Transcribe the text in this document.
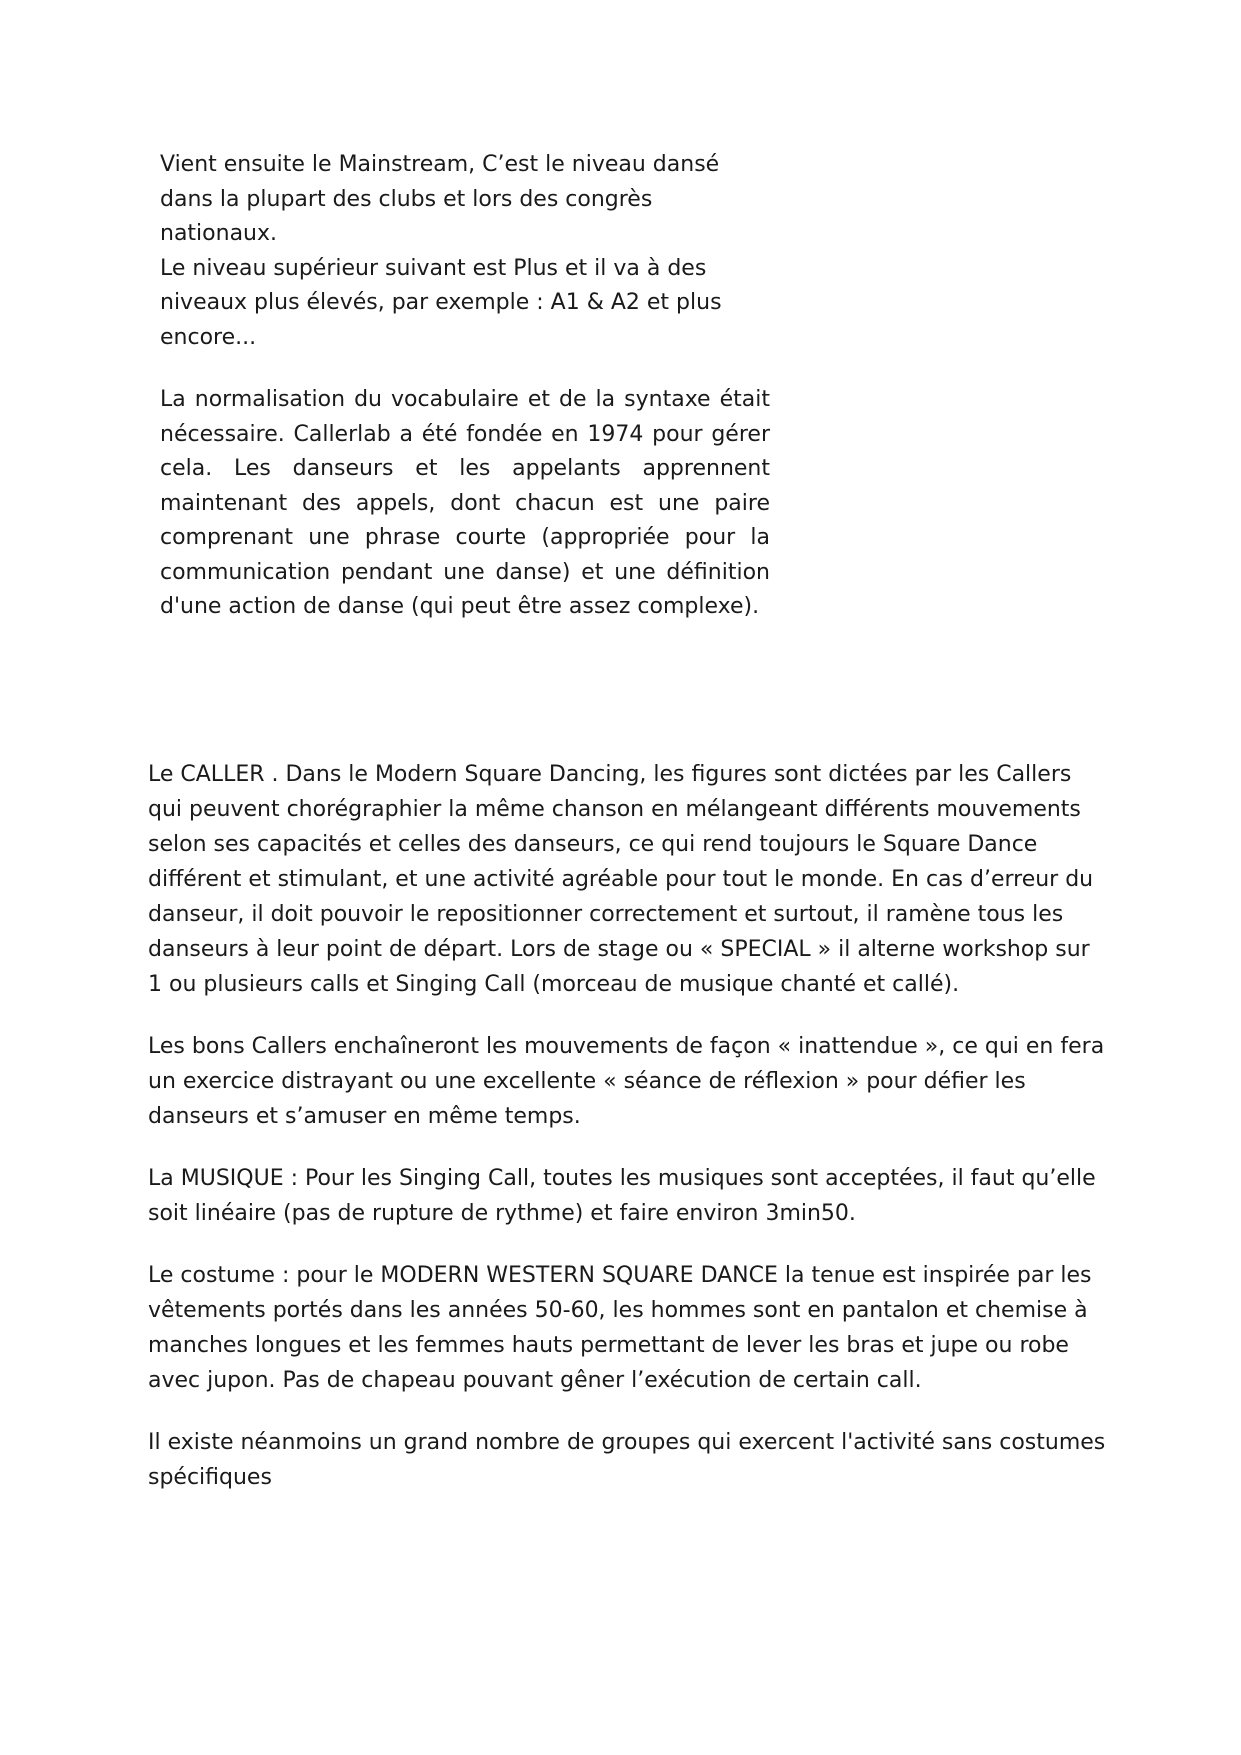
Vient ensuite le Mainstream, C’est le niveau dansé dans la plupart des clubs et lors des congrès nationaux.

Le niveau supérieur suivant est Plus et il va à des niveaux plus élevés, par exemple : A1 & A2 et plus encore...

La normalisation du vocabulaire et de la syntaxe était nécessaire. Callerlab a été fondée en 1974 pour gérer cela. Les danseurs et les appelants apprennent maintenant des appels, dont chacun est une paire comprenant une phrase courte (appropriée pour la communication pendant une danse) et une définition d'une action de danse (qui peut être assez complexe).

Le CALLER . Dans le Modern Square Dancing, les figures sont dictées par les Callers qui peuvent chorégraphier la même chanson en mélangeant différents mouvements selon ses capacités et celles des danseurs, ce qui rend toujours le Square Dance différent et stimulant, et une activité agréable pour tout le monde. En cas d’erreur du danseur, il doit pouvoir le repositionner correctement et surtout, il ramène tous les danseurs à leur point de départ. Lors de stage ou « SPECIAL » il alterne workshop sur 1 ou plusieurs calls et Singing Call (morceau de musique chanté et callé).

Les bons Callers enchaîneront les mouvements de façon « inattendue », ce qui en fera un exercice distrayant ou une excellente « séance de réflexion » pour défier les danseurs et s’amuser en même temps.

La MUSIQUE : Pour les Singing Call, toutes les musiques sont acceptées, il faut qu’elle soit linéaire (pas de rupture de rythme) et faire environ 3min50.

Le costume : pour le MODERN WESTERN SQUARE DANCE la tenue est inspirée par les vêtements portés dans les années 50-60, les hommes sont en pantalon et chemise à manches longues et les femmes hauts permettant de lever les bras et jupe ou robe avec jupon. Pas de chapeau pouvant gêner l’exécution de certain call.

Il existe néanmoins un grand nombre de groupes qui exercent l'activité sans costumes spécifiques
